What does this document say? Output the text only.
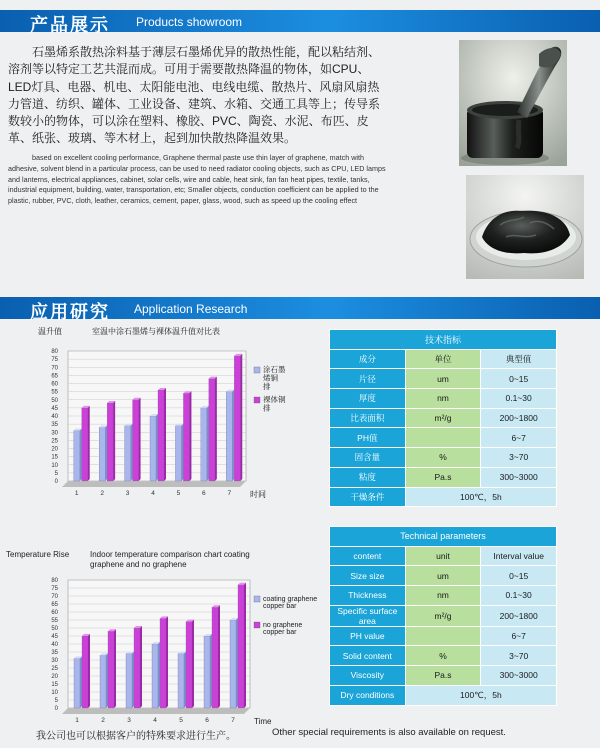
产品展示 Products showroom

石墨烯系散热涂料基于薄层石墨烯优异的散热性能，配以粘结剂、溶剂等以特定工艺共混而成。可用于需要散热降温的物体，如CPU、LED灯具、电器、机电、太阳能电池、电线电缆、散热片、风扇风扇热力管道、纺织、罐体、工业设备、建筑、水箱、交通工具等上；传导系数较小的物体，可以涂在塑料、橡胶、PVC、陶瓷、水泥、布匹、皮革、纸张、玻璃、等木材上，起到加快散热降温效果。

based on excellent cooling performance, Graphene thermal paste use thin layer of graphene, match with adhesive, solvent blend in a particular process, can be used to need radiator cooling objects, such as CPU, LED lamps and lanterns, electrical appliances, cabinet, solar cells, wire and cable, heat sink, fan fan heat pipes, textile, tanks, industrial equipment, building, water, transportation, etc; Smaller objects, conduction coefficient can be applied to the plastic, rubber, PVC, cloth, leather, ceramics, cement, paper, glass, wood, such as speed up the cooling effect

应用研究 Application Research
温升值	室温中涂石墨烯与裸体温升值对比表
0
5
10
15
20
25
30
35
40
45
50
55
60
65
70
75
80
1	2	3	4	5	6	7 时间
涂石墨
烯铜
排
裸体铜
排
Temperature Rise	Indoor temperature comparison chart coating graphene and no graphene
0
5
10
15
20
25
30
35
40
45
50
55
60
65
70
75
80
1	2	3	4	5	6	7 Time
coating graphene
copper bar
no graphene
copper bar
技术指标		
成分	单位	典型值
片径	um	0~15
厚度	nm	0.1~30
比表面积	m²/g	200~1800
PH值		6~7
固含量	%	3~70
粘度	Pa.s	300~3000
干燥条件	100℃，5h	
Technical parameters		
content	unit	Interval value
Size size	um	0~15
Thickness	nm	0.1~30
Specific surface area	m²/g	200~1800
PH value		6~7
Solid content	%	3~70
Viscosity	Pa.s	300~3000
Dry conditions	100℃，5h	
我公司也可以根据客户的特殊要求进行生产。	Other special requirements is also available on request.
